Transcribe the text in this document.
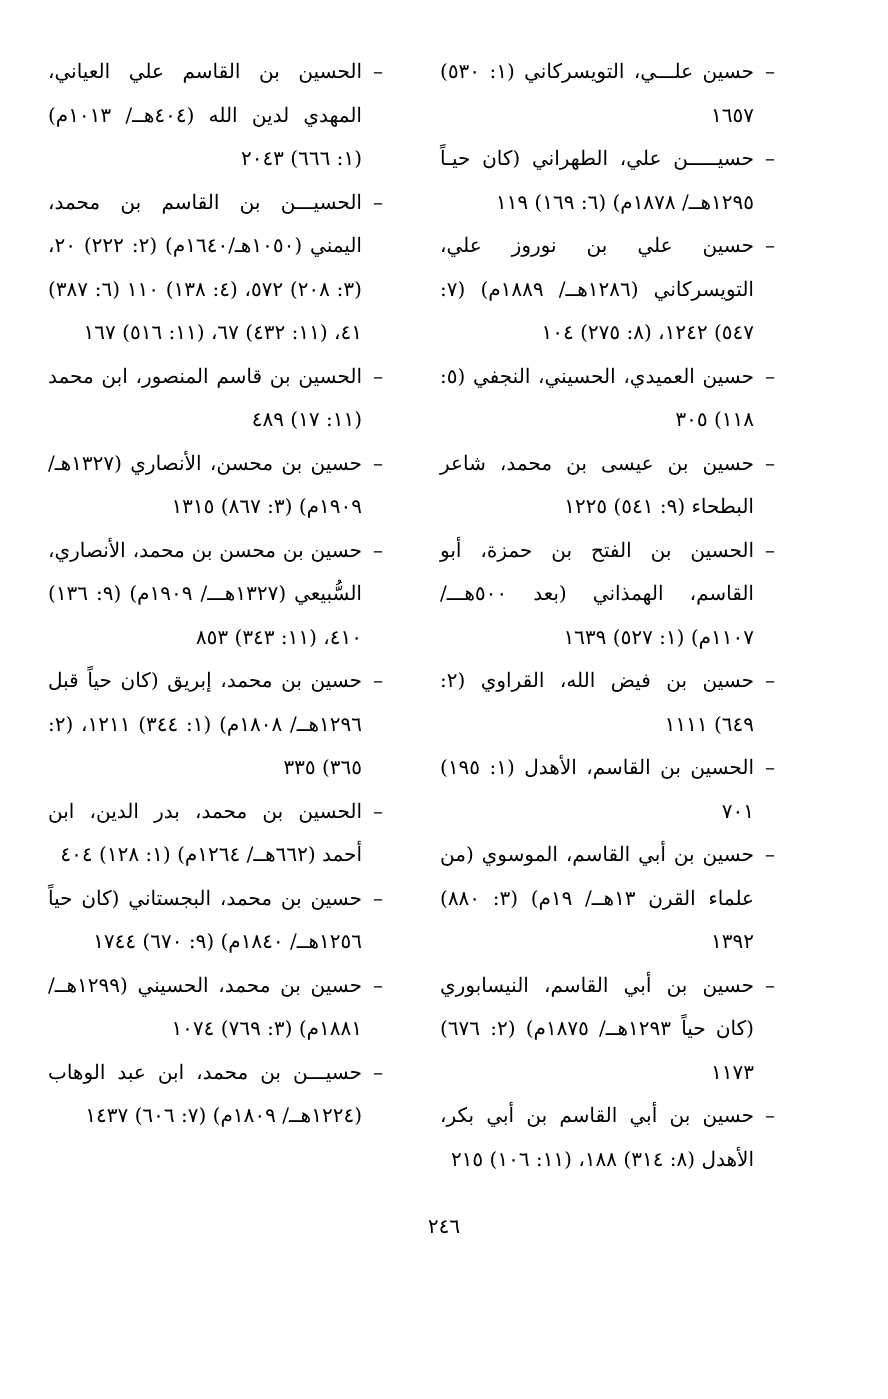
–
حسين علـــي، التويسركاني (١: ٥٣٠) ١٦٥٧

–
حسيـــــن علي، الطهراني (كان حيـاً ١٢٩٥هــ/ ١٨٧٨م) (٦: ١٦٩) ١١٩

–
حسين علي بن نوروز علي، التويسركاني (١٢٨٦هــ/ ١٨٨٩م) (٧: ٥٤٧) ١٢٤٢، (٨: ٢٧٥) ١٠٤

–
حسين العميدي، الحسيني، النجفي (٥: ١١٨) ٣٠٥

–
حسين بن عيسى بن محمد، شاعر البطحاء (٩: ٥٤١) ١٢٢٥

–
الحسين بن الفتح بن حمزة، أبو القاسم، الهمذاني (بعد ٥٠٠هـــ/ ١١٠٧م) (١: ٥٢٧) ١٦٣٩

–
حسين بن فيض الله، القراوي (٢: ٦٤٩) ١١١١

–
الحسين بن القاسم، الأهدل (١: ١٩٥) ٧٠١

–
حسين بن أبي القاسم، الموسوي (من علماء القرن ١٣هــ/ ١٩م) (٣: ٨٨٠) ١٣٩٢

–
حسين بن أبي القاسم، النيسابوري (كان حياً ١٢٩٣هــ/ ١٨٧٥م) (٢: ٦٧٦) ١١٧٣

–
حسين بن أبي القاسم بن أبي بكر، الأهدل (٨: ٣١٤) ١٨٨، (١١: ١٠٦) ٢١٥

–
الحسين بن القاسم علي العياني، المهدي لدين الله (٤٠٤هــ/ ١٠١٣م) (١: ٦٦٦) ٢٠٤٣

–
الحسيـــن بن القاسم بن محمد، اليمني (١٠٥٠هـ/١٦٤٠م) (٢: ٢٢٢) ٢٠، (٣: ٢٠٨) ٥٧٢، (٤: ١٣٨) ١١٠ (٦: ٣٨٧) ٤١، (١١: ٤٣٢) ٦٧، (١١: ٥١٦) ١٦٧

–
الحسين بن قاسم المنصور، ابن محمد (١١: ١٧) ٤٨٩

–
حسين بن محسن، الأنصاري (١٣٢٧هـ/ ١٩٠٩م) (٣: ٨٦٧) ١٣١٥

–
حسين بن محسن بن محمد، الأنصاري، السُّبيعي (١٣٢٧هـــ/ ١٩٠٩م) (٩: ١٣٦) ٤١٠، (١١: ٣٤٣) ٨٥٣

–
حسين بن محمد، إبريق (كان حياً قبل ١٢٩٦هــ/ ١٨٠٨م) (١: ٣٤٤) ١٢١١، (٢: ٣٦٥) ٣٣٥

–
الحسين بن محمد، بدر الدين، ابن أحمد (٦٦٢هــ/ ١٢٦٤م) (١: ١٢٨) ٤٠٤

–
حسين بن محمد، البجستاني (كان حياً ١٢٥٦هــ/ ١٨٤٠م) (٩: ٦٧٠) ١٧٤٤

–
حسين بن محمد، الحسيني (١٢٩٩هــ/ ١٨٨١م) (٣: ٧٦٩) ١٠٧٤

–
حسيـــن بن محمد، ابن عبد الوهاب (١٢٢٤هــ/ ١٨٠٩م) (٧: ٦٠٦) ١٤٣٧

٢٤٦
